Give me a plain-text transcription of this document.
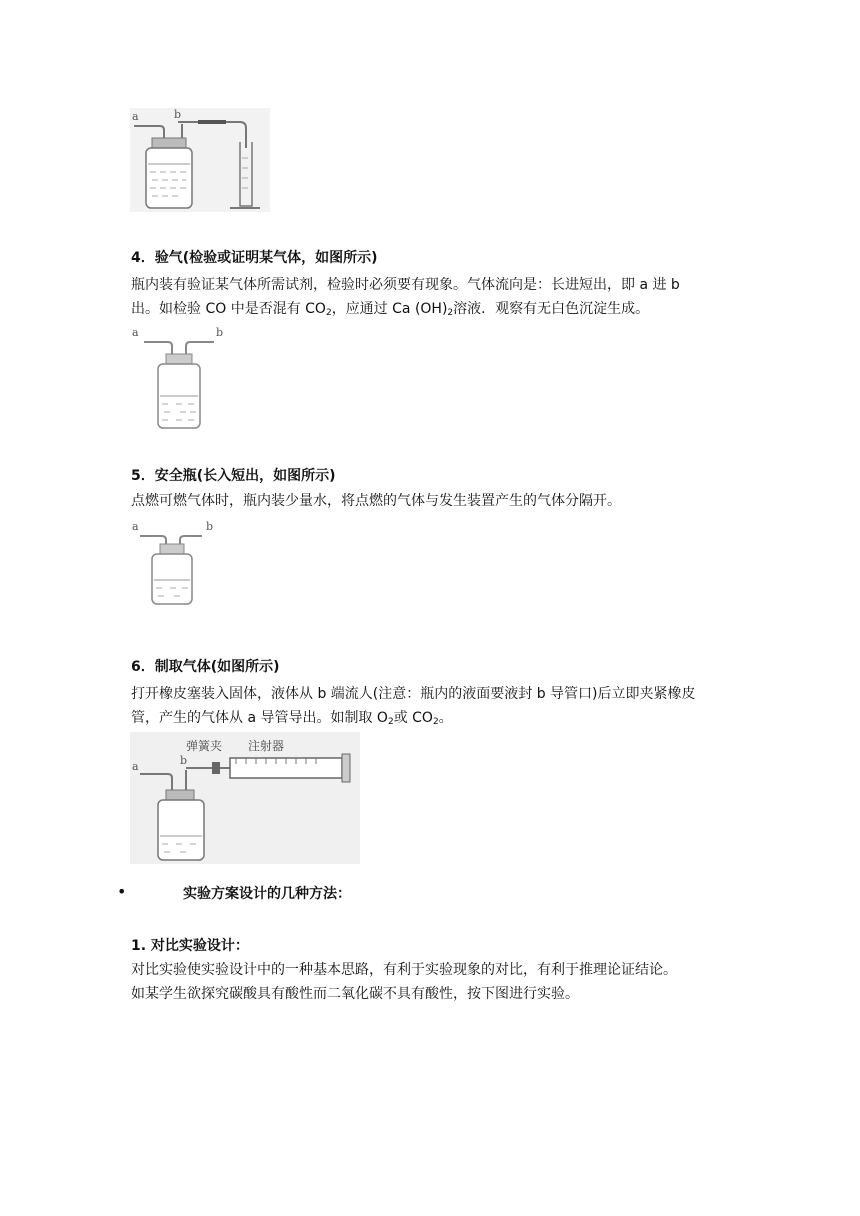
a	b
4．验气(检验或证明某气体，如图所示)
瓶内装有验证某气体所需试剂，检验时必须要有现象。气体流向是：长进短出，即 a 进 b
出。如检验 CO 中是否混有 $CO_2$，应通过 Ca $(OH)_2$溶液．观察有无白色沉淀生成。
a	b
5．安全瓶(长入短出，如图所示)
点燃可燃气体时，瓶内装少量水，将点燃的气体与发生装置产生的气体分隔开。
a	b
6．制取气体(如图所示)
打开橡皮塞装入固体，液体从 b 端流人(注意：瓶内的液面要液封 b 导管口)后立即夹紧橡皮
管，产生的气体从 a 导管导出。如制取 $O_2$或 $CO_2$。
弹簧夹 注射器
a	b
•	实验方案设计的几种方法：
1. 对比实验设计：
对比实验使实验设计中的一种基本思路，有利于实验现象的对比，有利于推理论证结论。
如某学生欲探究碳酸具有酸性而二氧化碳不具有酸性，按下图进行实验。
